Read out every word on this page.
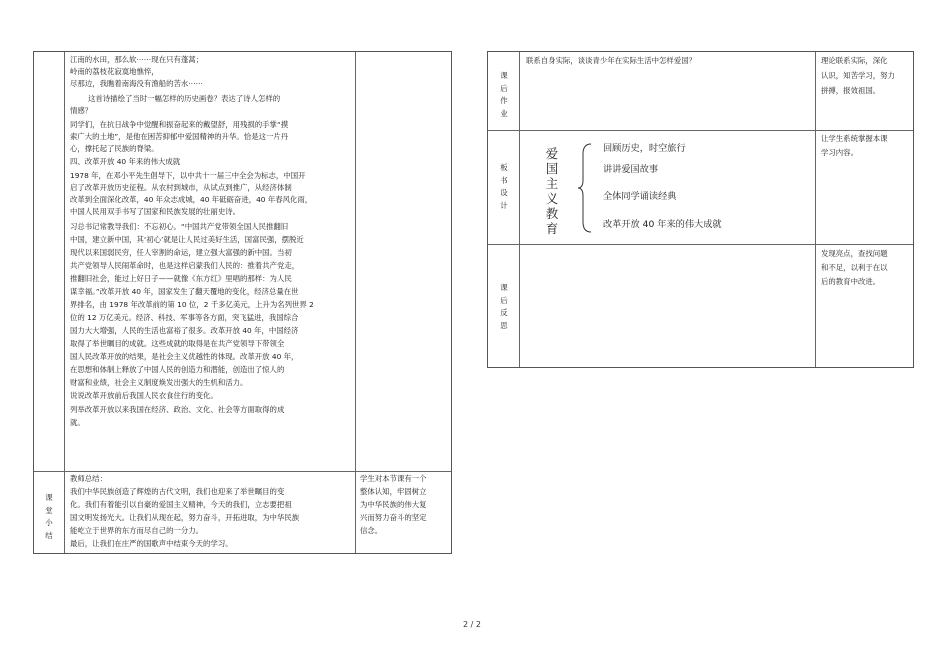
江南的水田，那么软⋯⋯现在只有蓬蒿；
岭南的荔枝花寂寞地憔悴，
尽那边，我瞧着南海没有渔船的苦水⋯⋯
这首诗描绘了当时一幅怎样的历史画卷？表达了诗人怎样的
情感？
同学们，在抗日战争中觉醒和振奋起来的戴望舒，用残损的手掌“摸
索广大的土地”，是他在困苦抑郁中爱国精神的升华。恰是这一片丹
心，撑托起了民族的脊梁。
四、改革开放 40 年来的伟大成就
1978 年，在邓小平先生倡导下，以中共十一届三中全会为标志，中国开
启了改革开放历史征程。从农村到城市，从试点到推广，从经济体制
改革到全面深化改革，40 年众志成城，40 年砥砺奋进，40 年春风化雨，
中国人民用双手书写了国家和民族发展的壮丽史诗。
习总书记常教导我们：不忘初心。“中国共产党带领全国人民推翻旧
中国，建立新中国，其‘初心’就是让人民过美好生活，国富民强，摆脱近
现代以来国弱民穷，任人宰割的命运，建立强大富强的新中国。当初
共产党领导人民闹革命时，也是这样启蒙我们人民的：推着共产党走，
推翻旧社会，能过上好日子——就像《东方红》里唱的那样：为人民
谋幸福。”改革开放 40 年，国家发生了翻天覆地的变化，经济总量在世
界排名，由 1978 年改革前的第 10 位，2 千多亿美元，上升为名列世界 2
位的 12 万亿美元。经济、科技、军事等各方面，突飞猛进，我国综合
国力大大增强，人民的生活也富裕了很多。改革开放 40 年，中国经济
取得了举世瞩目的成就。这些成就的取得是在共产党领导下带领全
国人民改革开放的结果，是社会主义优越性的体现。改革开放 40 年，
在思想和体制上释放了中国人民的创造力和潜能，创造出了惊人的
财富和业绩，社会主义制度焕发出强大的生机和活力。
说说改革开放前后我国人民衣食住行的变化。
列举改革开放以来我国在经济、政治、文化、社会等方面取得的成
就。
课堂小结
教师总结：
我们中华民族创造了辉煌的古代文明，我们也迎来了举世瞩目的变
化。我们有着能引以自豪的爱国主义精神，今天的我们，立志要把祖
国文明发扬光大。让我们从现在起，努力奋斗，开拓进取，为中华民族
能屹立于世界的东方而尽自己的一分力。
最后，让我们在庄严的国歌声中结束今天的学习。
学生对本节课有一个
整体认知，牢固树立
为中华民族的伟大复
兴而努力奋斗的坚定
信念。
课后作业
联系自身实际，谈谈青少年在实际生活中怎样爱国？	理论联系实际，深化
认识，知苦学习，努力
拼搏，报效祖国。
板书设计
爱国主义教育
回顾历史，时空旅行
讲讲爱国故事
全体同学诵读经典
改革开放 40 年来的伟大成就
让学生系统掌握本课
学习内容。
课后反思
发现亮点，查找问题
和不足，以利于在以
后的教育中改进。
2 / 2
